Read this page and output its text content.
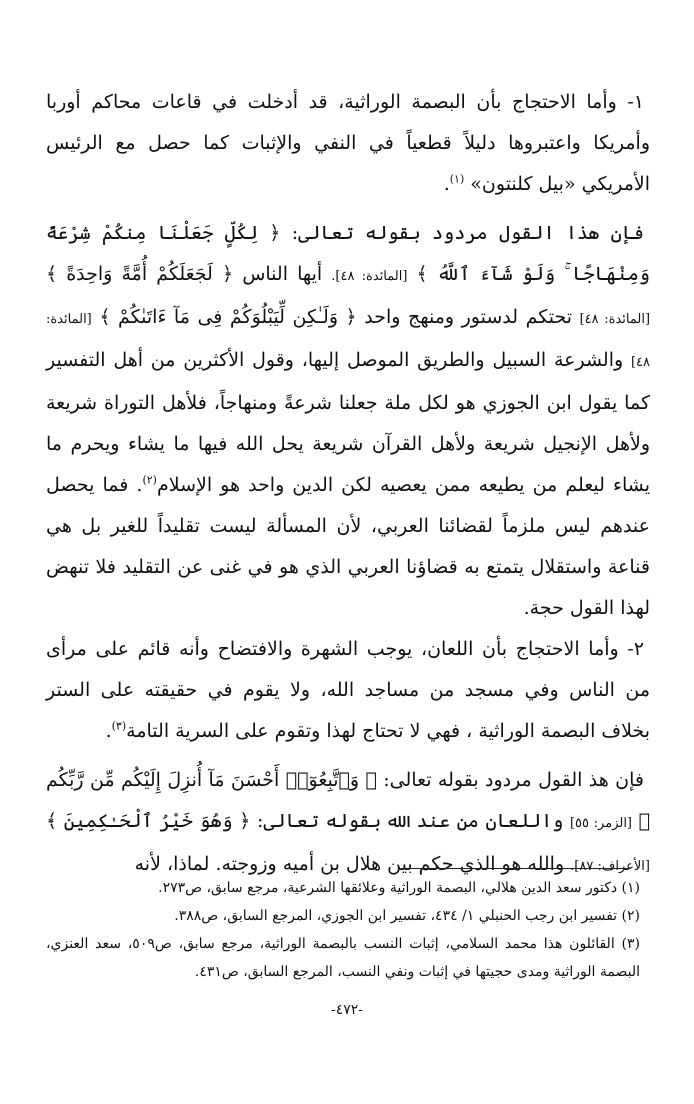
١- وأما الاحتجاج بأن البصمة الوراثية، قد أدخلت في قاعات محاكم أوربا وأمريكا واعتبروها دليلاً قطعياً في النفي والإثبات كما حصل مع الرئيس الأمريكي «بيل كلنتون» $^{(١)}$.

فإن هذا القول مردود بقوله تعالى: ﴿ لِكُلٍّ جَعَلْنَا مِنكُمْ شِرْعَةً وَمِنْهَاجًا ۚ وَلَوْ شَآءَ ٱللَّهُ ﴾ [المائدة: ٤٨]. أيها الناس ﴿ لَجَعَلَكُمْ أُمَّةً وَاحِدَةً ﴾ [المائدة: ٤٨] تحتكم لدستور ومنهج واحد ﴿ وَلَـٰكِن لِّيَبْلُوَكُمْ فِى مَآ ءَاتَىٰكُمْ ﴾ [المائدة: ٤٨] والشرعة السبيل والطريق الموصل إليها، وقول الأكثرين من أهل التفسير كما يقول ابن الجوزي هو لكل ملة جعلنا شرعةً ومنهاجاً، فلأهل التوراة شريعة ولأهل الإنجيل شريعة ولأهل القرآن شريعة يحل الله فيها ما يشاء ويحرم ما يشاء ليعلم من يطيعه ممن يعصيه لكن الدين واحد هو الإسلام$^{(٢)}$. فما يحصل عندهم ليس ملزماً لقضائنا العربي، لأن المسألة ليست تقليداً للغير بل هي قناعة واستقلال يتمتع به قضاؤنا العربي الذي هو في غنى عن التقليد فلا تنهض لهذا القول حجة.

٢- وأما الاحتجاج بأن اللعان، يوجب الشهرة والافتضاح وأنه قائم على مرأى من الناس وفي مسجد من مساجد الله، ولا يقوم في حقيقته على الستر بخلاف البصمة الوراثية ، فهي لا تحتاج لهذا وتقوم على السرية التامة$^{(٣)}$.

فإن هذ القول مردود بقوله تعالى: ﴿ وَٱتَّبِعُوٓا۟ أَحْسَنَ مَآ أُنزِلَ إِلَيْكُم مِّن رَّبِّكُم ﴾ [الزمر: ٥٥] واللعان من عند الله بقوله تعالى: ﴿ وَهُوَ خَيْرُ ٱلْحَـٰكِمِينَ ﴾ [الأعراف: ٨٧]. والله هو الذي حكم بين هلال بن أميه وزوجته. لماذا، لأنه

(١) دكتور سعد الدين هلالي، البصمة الوراثية وعلائقها الشرعية، مرجع سابق، ص٢٧٣.

(٢) تفسير ابن رجب الحنبلي ١/ ٤٣٤، تفسير ابن الجوزي، المرجع السابق، ص٣٨٨.

(٣) القائلون هذا محمد السلامي، إثبات النسب بالبصمة الوراثية، مرجع سابق، ص٥٠٩، سعد العنزي، البصمة الوراثية ومدى حجيتها في إثبات ونفي النسب، المرجع السابق، ص٤٣١.

-٤٧٢-
